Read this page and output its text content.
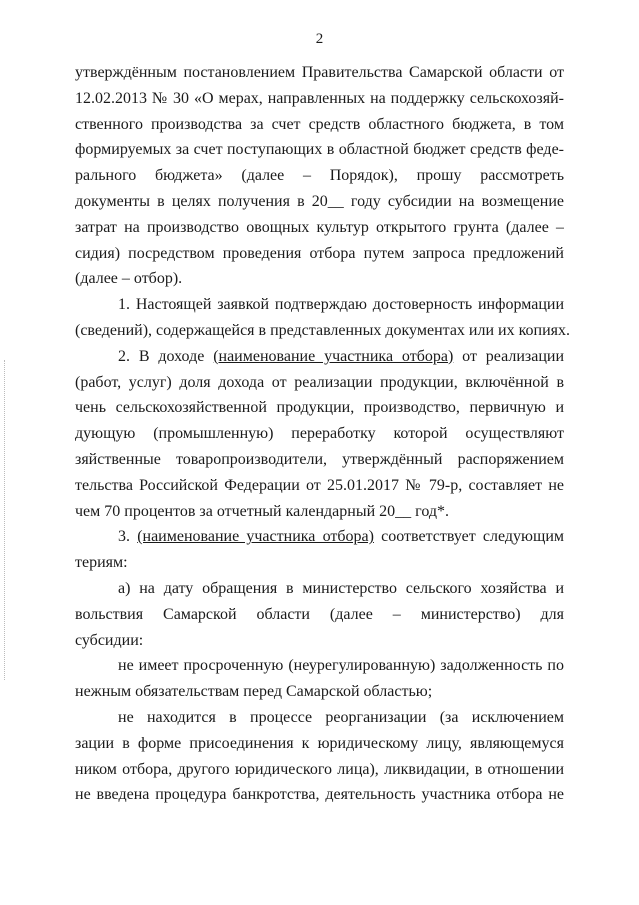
2
утверждённым постановлением Правительства Самарской области от
12.02.2013 № 30 «О мерах, направленных на поддержку сельскохозяй-
ственного производства за счет средств областного бюджета, в том
формируемых за счет поступающих в областной бюджет средств феде-
рального бюджета» (далее – Порядок), прошу рассмотреть
документы в целях получения в 20__ году субсидии на возмещение
затрат на производство овощных культур открытого грунта (далее –
сидия) посредством проведения отбора путем запроса предложений
(далее – отбор).
1. Настоящей заявкой подтверждаю достоверность информации
(сведений), содержащейся в представленных документах или их копиях.
2. В доходе (наименование участника отбора) от реализации
(работ, услуг) доля дохода от реализации продукции, включённой в
чень сельскохозяйственной продукции, производство, первичную и
дующую (промышленную) переработку которой осуществляют
зяйственные товаропроизводители, утверждённый распоряжением
тельства Российской Федерации от 25.01.2017 № 79-р, составляет не
чем 70 процентов за отчетный календарный 20__ год*.
3. (наименование участника отбора) соответствует следующим
териям:
а) на дату обращения в министерство сельского хозяйства и
вольствия Самарской области (далее – министерство) для
субсидии:
не имеет просроченную (неурегулированную) задолженность по
нежным обязательствам перед Самарской областью;
не находится в процессе реорганизации (за исключением
зации в форме присоединения к юридическому лицу, являющемуся
ником отбора, другого юридического лица), ликвидации, в отношении
не введена процедура банкротства, деятельность участника отбора не
